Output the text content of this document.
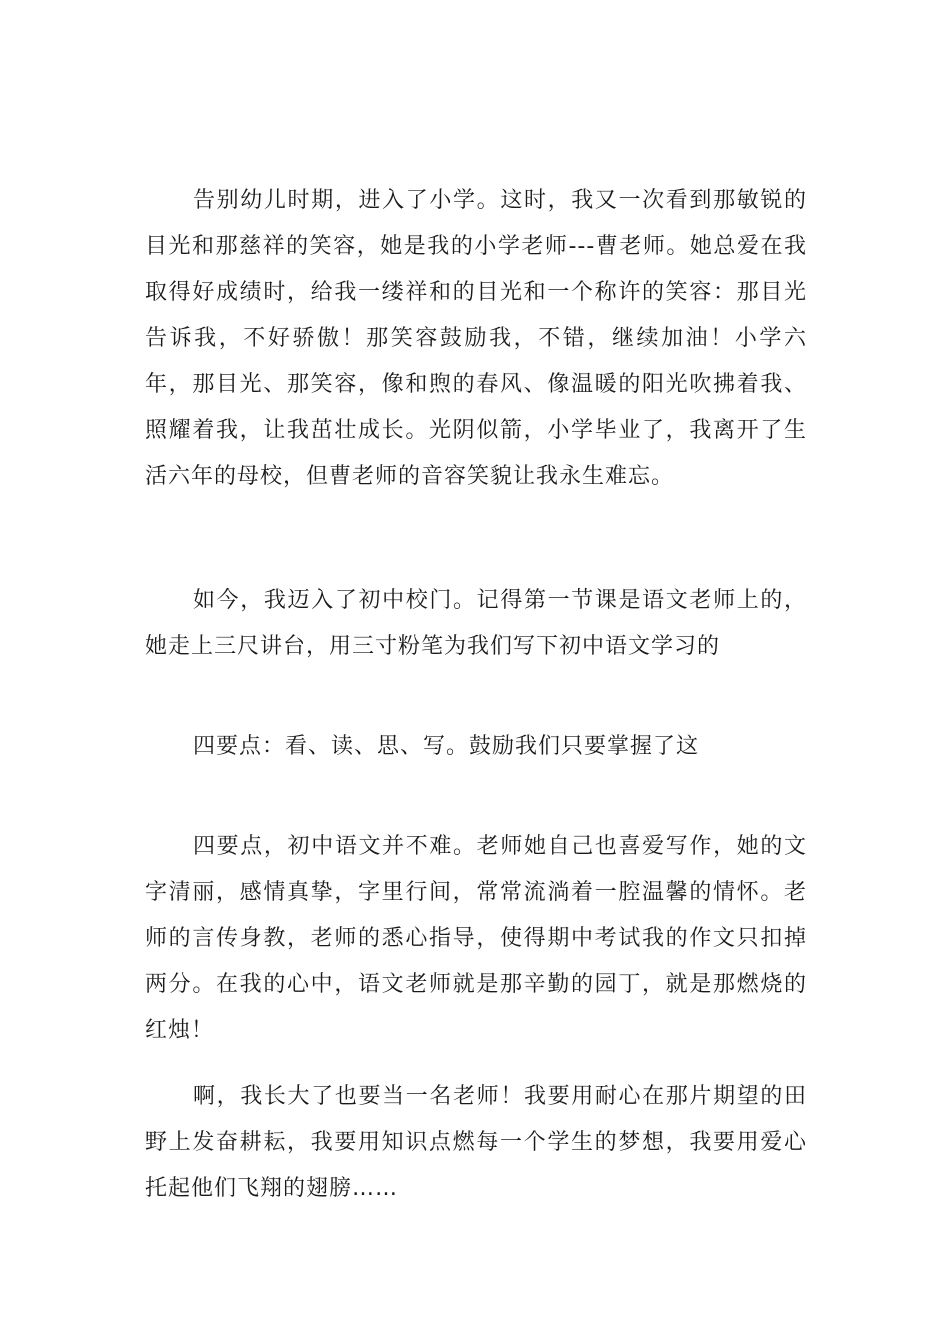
告别幼儿时期，进入了小学。这时，我又一次看到那敏锐的目光和那慈祥的笑容，她是我的小学老师---曹老师。她总爱在我取得好成绩时，给我一缕祥和的目光和一个称许的笑容：那目光告诉我，不好骄傲！那笑容鼓励我，不错，继续加油！小学六年，那目光、那笑容，像和煦的春风、像温暖的阳光吹拂着我、照耀着我，让我茁壮成长。光阴似箭，小学毕业了，我离开了生活六年的母校，但曹老师的音容笑貌让我永生难忘。

如今，我迈入了初中校门。记得第一节课是语文老师上的，她走上三尺讲台，用三寸粉笔为我们写下初中语文学习的

四要点：看、读、思、写。鼓励我们只要掌握了这

四要点，初中语文并不难。老师她自己也喜爱写作，她的文字清丽，感情真挚，字里行间，常常流淌着一腔温馨的情怀。老师的言传身教，老师的悉心指导，使得期中考试我的作文只扣掉两分。在我的心中，语文老师就是那辛勤的园丁，就是那燃烧的红烛！

啊，我长大了也要当一名老师！我要用耐心在那片期望的田野上发奋耕耘，我要用知识点燃每一个学生的梦想，我要用爱心托起他们飞翔的翅膀……
